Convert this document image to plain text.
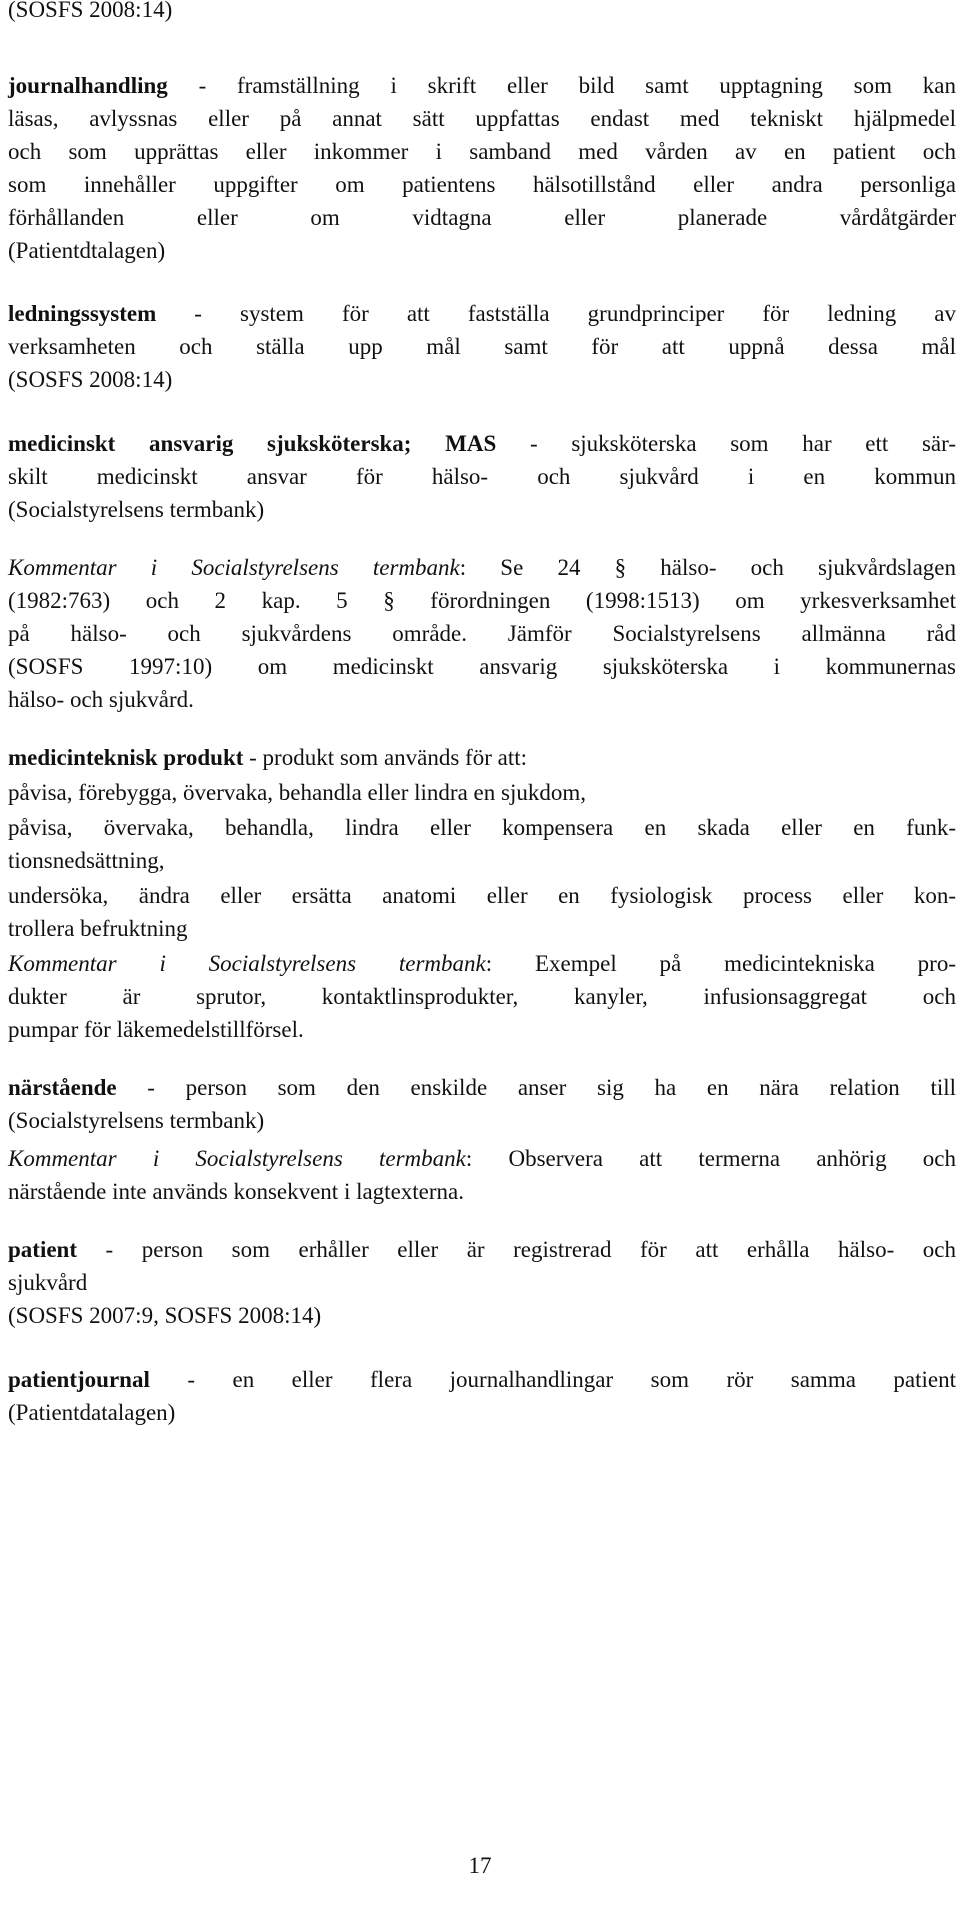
(SOSFS 2008:14)
journalhandling - framställning i skrift eller bild samt upptagning som kan
läsas, avlyssnas eller på annat sätt uppfattas endast med tekniskt hjälpmedel
och som upprättas eller inkommer i samband med vården av en patient och
som innehåller uppgifter om patientens hälsotillstånd eller andra personliga
förhållanden eller om vidtagna eller planerade vårdåtgärder
(Patientdtalagen)
ledningssystem - system för att fastställa grundprinciper för ledning av
verksamheten och ställa upp mål samt för att uppnå dessa mål
(SOSFS 2008:14)
medicinskt ansvarig sjuksköterska; MAS - sjuksköterska som har ett sär-
skilt medicinskt ansvar för hälso- och sjukvård i en kommun
(Socialstyrelsens termbank)
Kommentar i Socialstyrelsens termbank: Se 24 § hälso- och sjukvårdslagen
(1982:763) och 2 kap. 5 § förordningen (1998:1513) om yrkesverksamhet
på hälso- och sjukvårdens område. Jämför Socialstyrelsens allmänna råd
(SOSFS 1997:10) om medicinskt ansvarig sjuksköterska i kommunernas
hälso- och sjukvård.
medicinteknisk produkt - produkt som används för att:
påvisa, förebygga, övervaka, behandla eller lindra en sjukdom,
påvisa, övervaka, behandla, lindra eller kompensera en skada eller en funk-
tionsnedsättning,
undersöka, ändra eller ersätta anatomi eller en fysiologisk process eller kon-
trollera befruktning
Kommentar i Socialstyrelsens termbank: Exempel på medicintekniska pro-
dukter är sprutor, kontaktlinsprodukter, kanyler, infusionsaggregat och
pumpar för läkemedelstillförsel.
närstående - person som den enskilde anser sig ha en nära relation till
(Socialstyrelsens termbank)
Kommentar i Socialstyrelsens termbank: Observera att termerna anhörig och
närstående inte används konsekvent i lagtexterna.
patient - person som erhåller eller är registrerad för att erhålla hälso- och
sjukvård
(SOSFS 2007:9, SOSFS 2008:14)
patientjournal - en eller flera journalhandlingar som rör samma patient
(Patientdatalagen)
17
